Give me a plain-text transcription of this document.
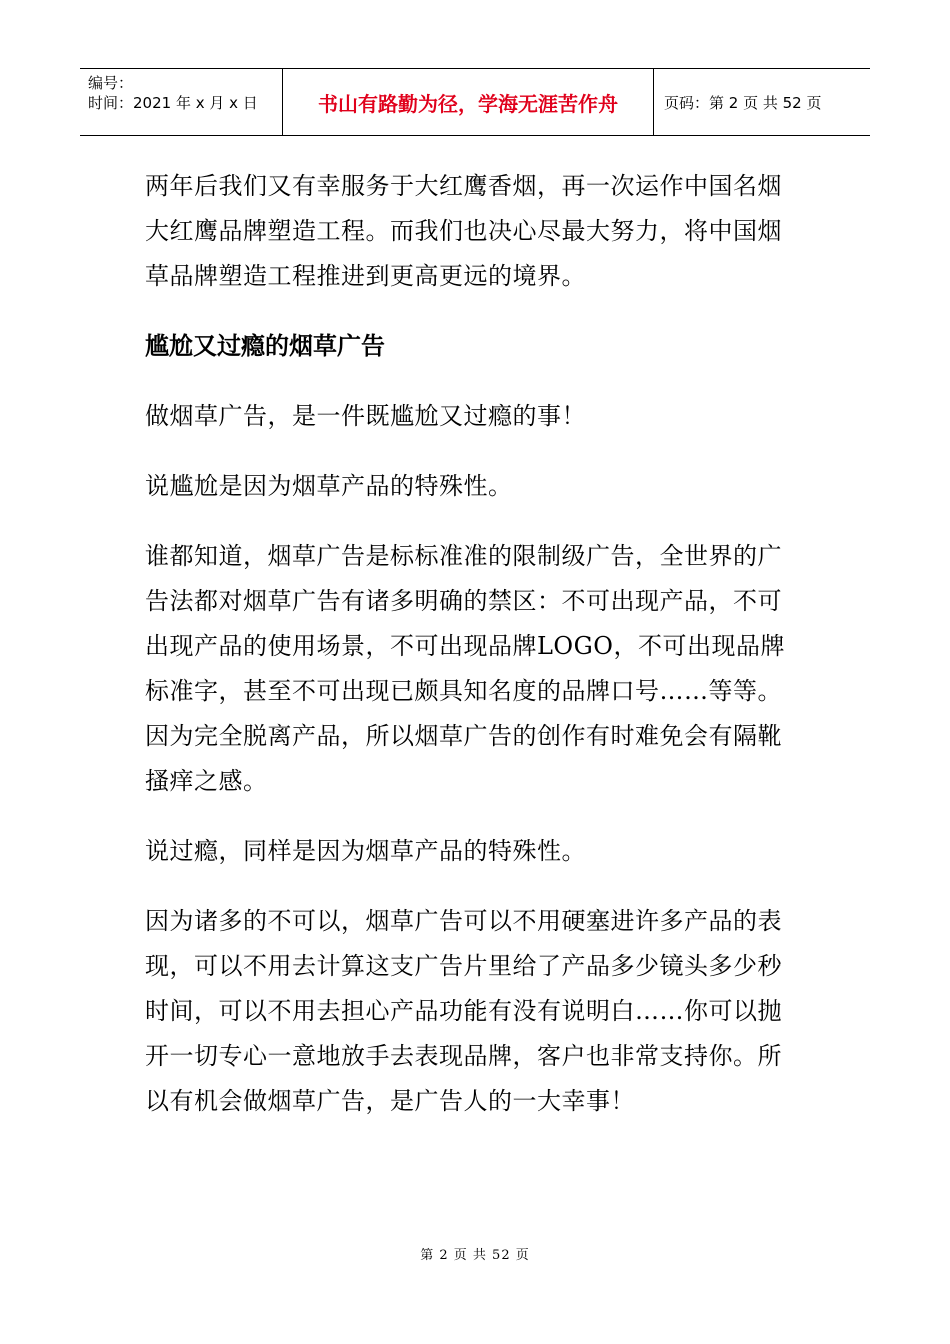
编号：
时间：2021 年 x 月 x 日	书山有路勤为径，学海无涯苦作舟	页码：第 2 页 共 52 页

两年后我们又有幸服务于大红鹰香烟，再一次运作中国名烟大红鹰品牌塑造工程。而我们也决心尽最大努力，将中国烟草品牌塑造工程推进到更高更远的境界。

尴尬又过瘾的烟草广告

做烟草广告，是一件既尴尬又过瘾的事！

说尴尬是因为烟草产品的特殊性。

谁都知道，烟草广告是标标准准的限制级广告，全世界的广告法都对烟草广告有诸多明确的禁区：不可出现产品，不可出现产品的使用场景，不可出现品牌LOGO，不可出现品牌标准字，甚至不可出现已颇具知名度的品牌口号……等等。因为完全脱离产品，所以烟草广告的创作有时难免会有隔靴搔痒之感。

说过瘾，同样是因为烟草产品的特殊性。

因为诸多的不可以，烟草广告可以不用硬塞进许多产品的表现，可以不用去计算这支广告片里给了产品多少镜头多少秒时间，可以不用去担心产品功能有没有说明白……你可以抛开一切专心一意地放手去表现品牌，客户也非常支持你。所以有机会做烟草广告，是广告人的一大幸事！

第 2 页 共 52 页
